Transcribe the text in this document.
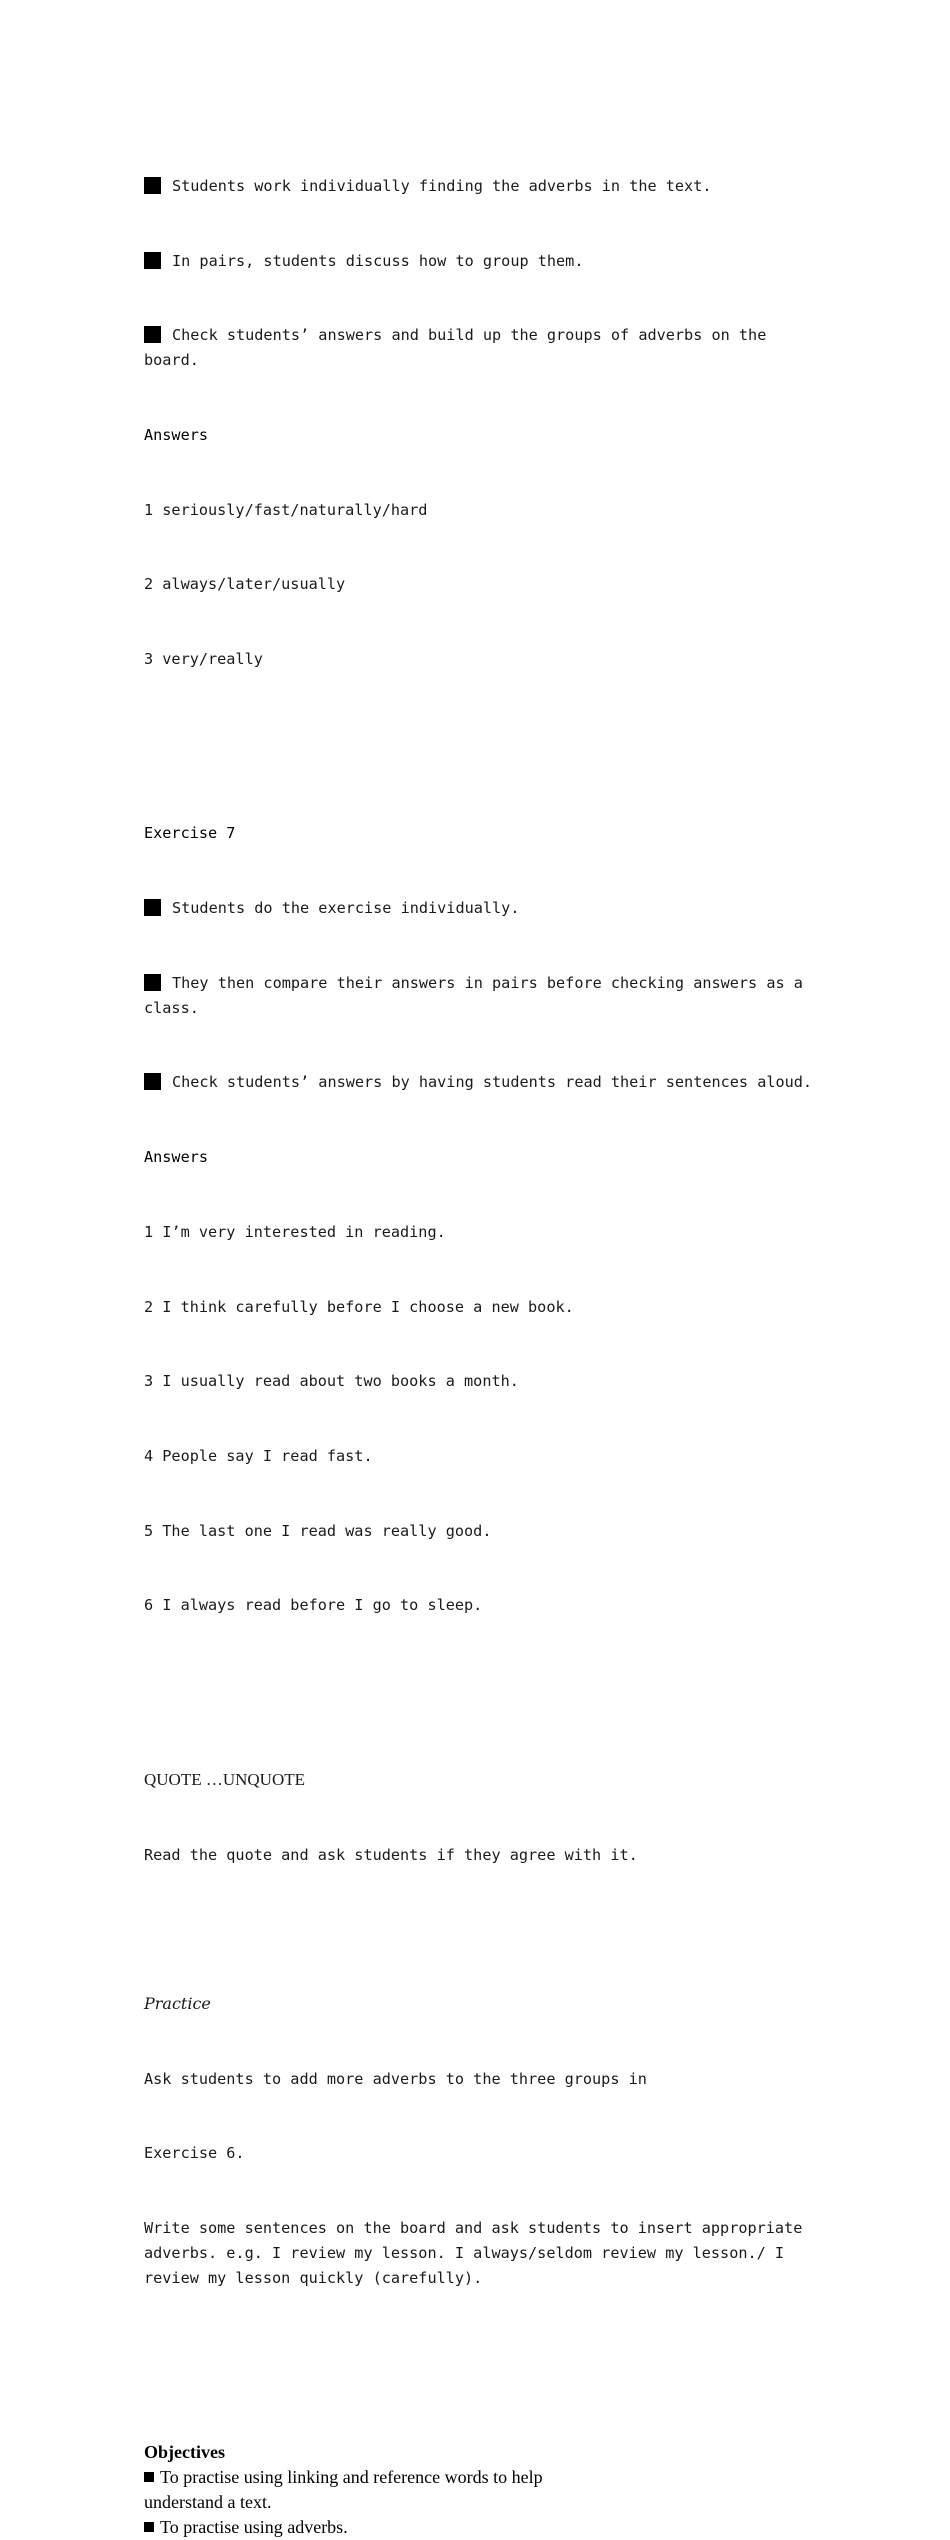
Students work individually finding the adverbs in the text.

In pairs, students discuss how to group them.

Check students’ answers and build up the groups of adverbs on the board.

Answers

1 seriously/fast/naturally/hard

2 always/later/usually

3 very/really

Exercise 7

Students do the exercise individually.

They then compare their answers in pairs before checking answers as a class.

Check students’ answers by having students read their sentences aloud.

Answers

1 I’m very interested in reading.

2 I think carefully before I choose a new book.

3 I usually read about two books a month.

4 People say I read fast.

5 The last one I read was really good.

6 I always read before I go to sleep.

QUOTE …UNQUOTE

Read the quote and ask students if they agree with it.

Practice

Ask students to add more adverbs to the three groups in

Exercise 6.

Write some sentences on the board and ask students to insert appropriate adverbs. e.g. I review my lesson. I always/seldom review my lesson./ I review my lesson quickly (carefully).

Objectives
To practise using linking and reference words to help understand a text.
To practise using adverbs.
